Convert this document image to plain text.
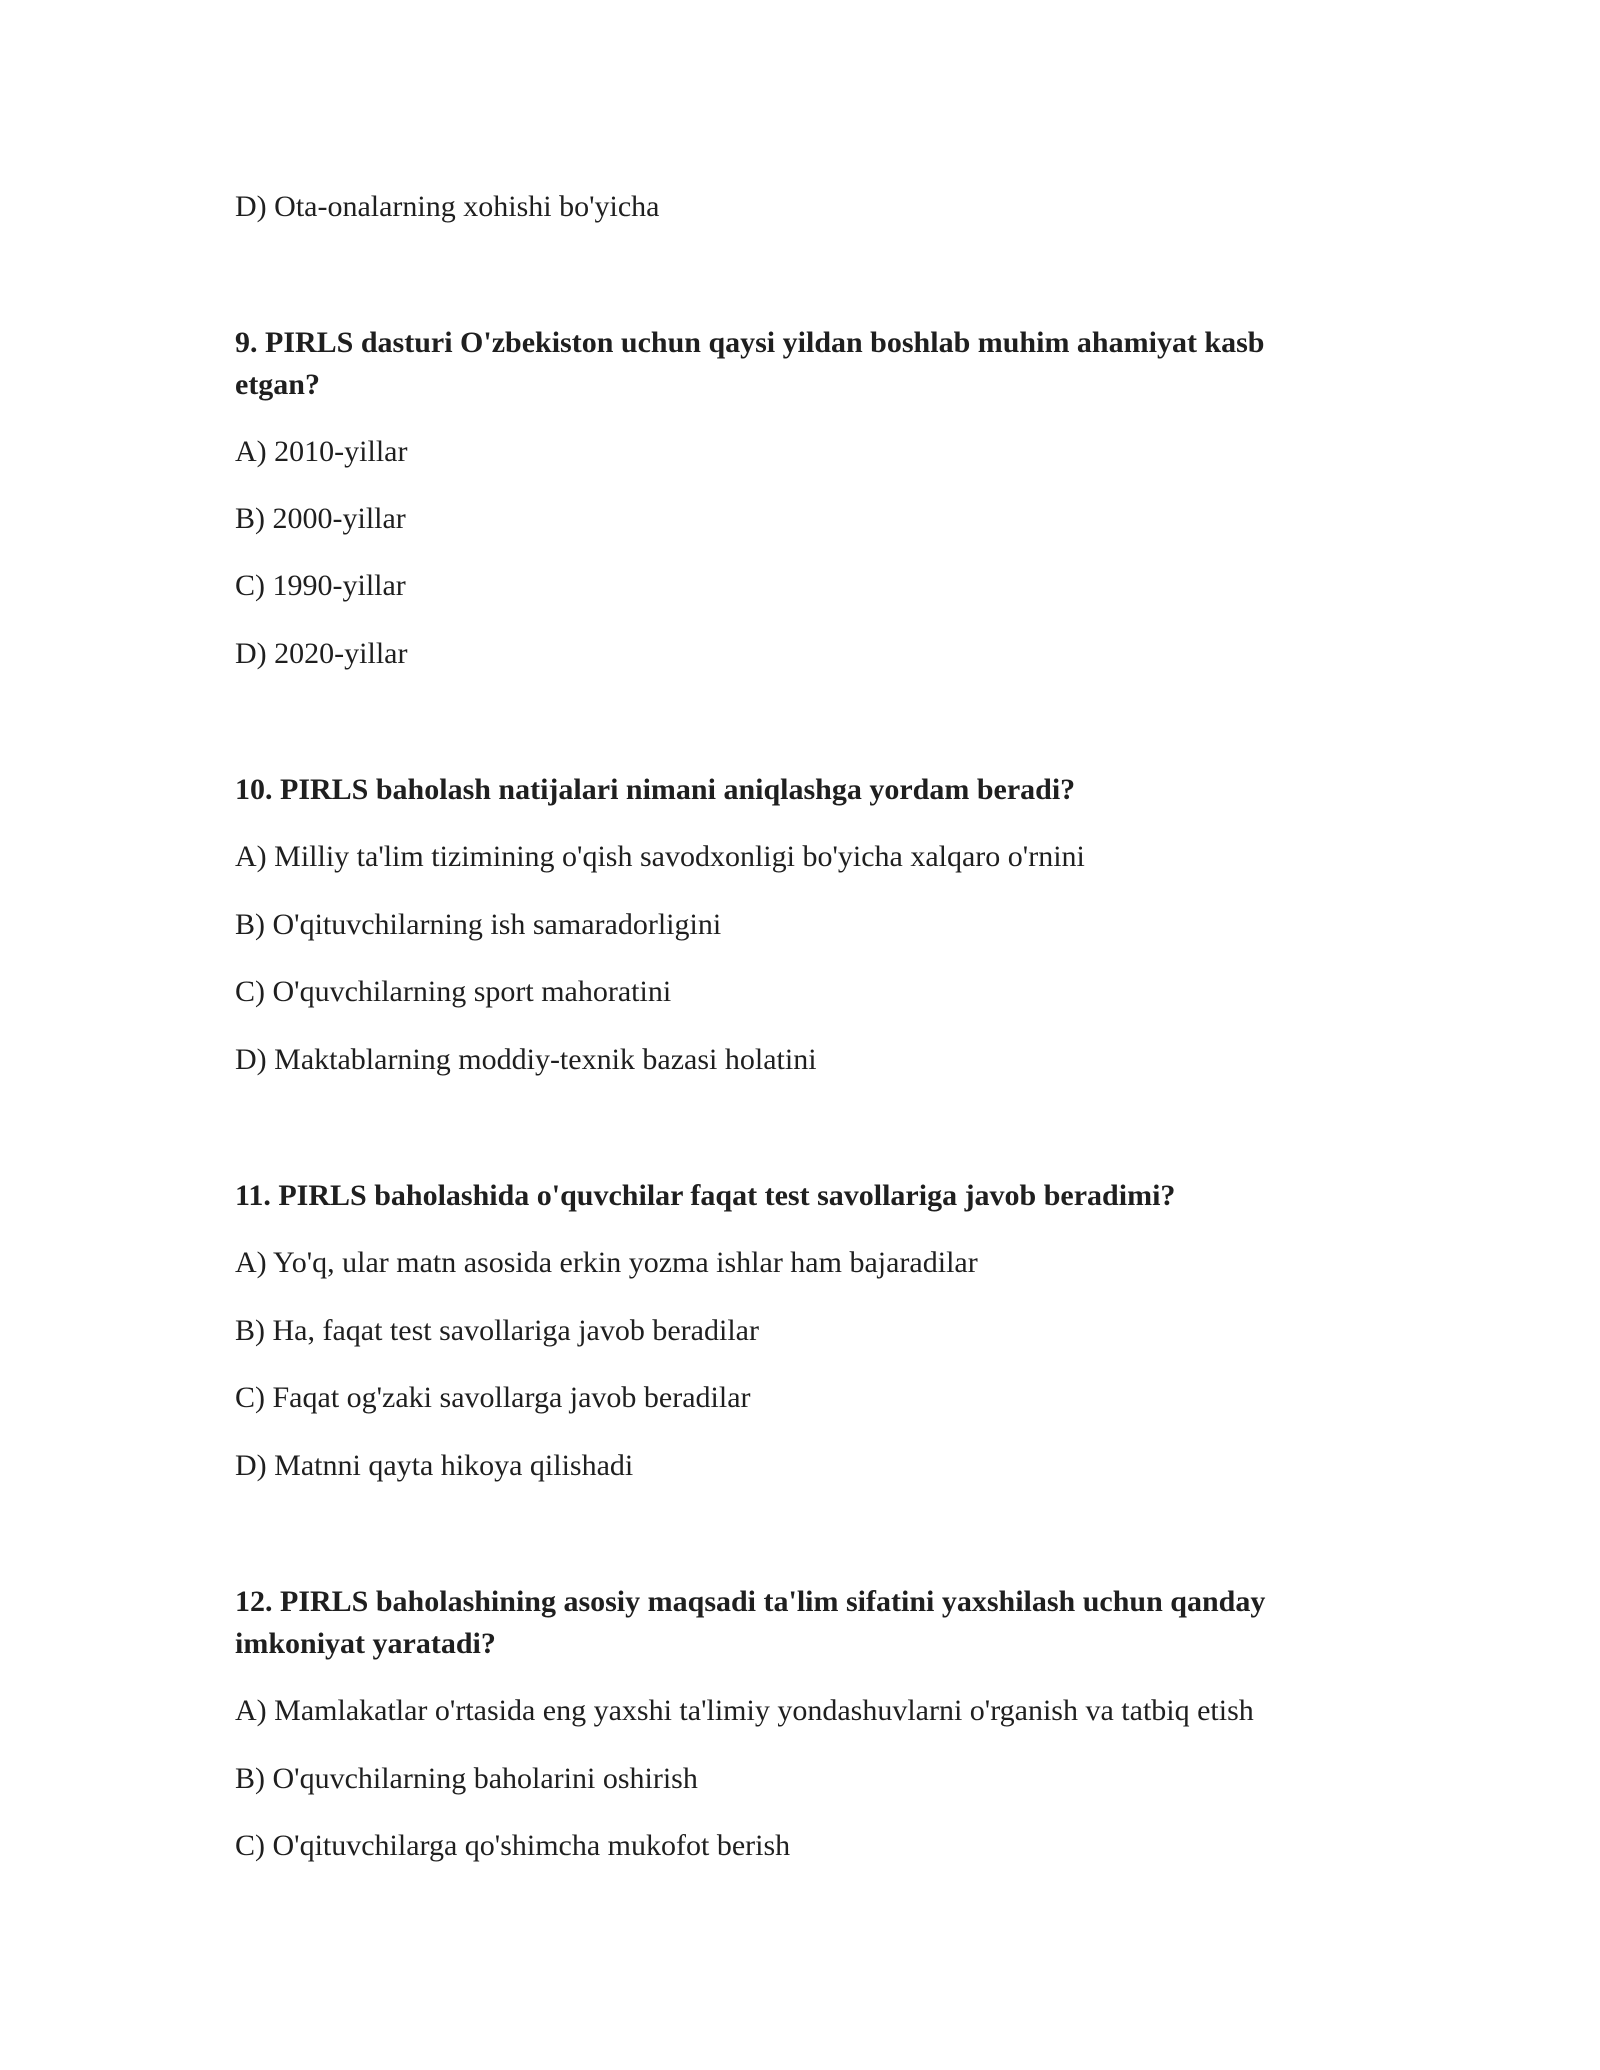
D) Ota-onalarning xohishi bo'yicha

9. PIRLS dasturi O'zbekiston uchun qaysi yildan boshlab muhim ahamiyat kasb etgan?

A) 2010-yillar

B) 2000-yillar

C) 1990-yillar

D) 2020-yillar

10. PIRLS baholash natijalari nimani aniqlashga yordam beradi?

A) Milliy ta'lim tizimining o'qish savodxonligi bo'yicha xalqaro o'rnini

B) O'qituvchilarning ish samaradorligini

C) O'quvchilarning sport mahoratini

D) Maktablarning moddiy-texnik bazasi holatini

11. PIRLS baholashida o'quvchilar faqat test savollariga javob beradimi?

A) Yo'q, ular matn asosida erkin yozma ishlar ham bajaradilar

B) Ha, faqat test savollariga javob beradilar

C) Faqat og'zaki savollarga javob beradilar

D) Matnni qayta hikoya qilishadi

12. PIRLS baholashining asosiy maqsadi ta'lim sifatini yaxshilash uchun qanday imkoniyat yaratadi?

A) Mamlakatlar o'rtasida eng yaxshi ta'limiy yondashuvlarni o'rganish va tatbiq etish

B) O'quvchilarning baholarini oshirish

C) O'qituvchilarga qo'shimcha mukofot berish
